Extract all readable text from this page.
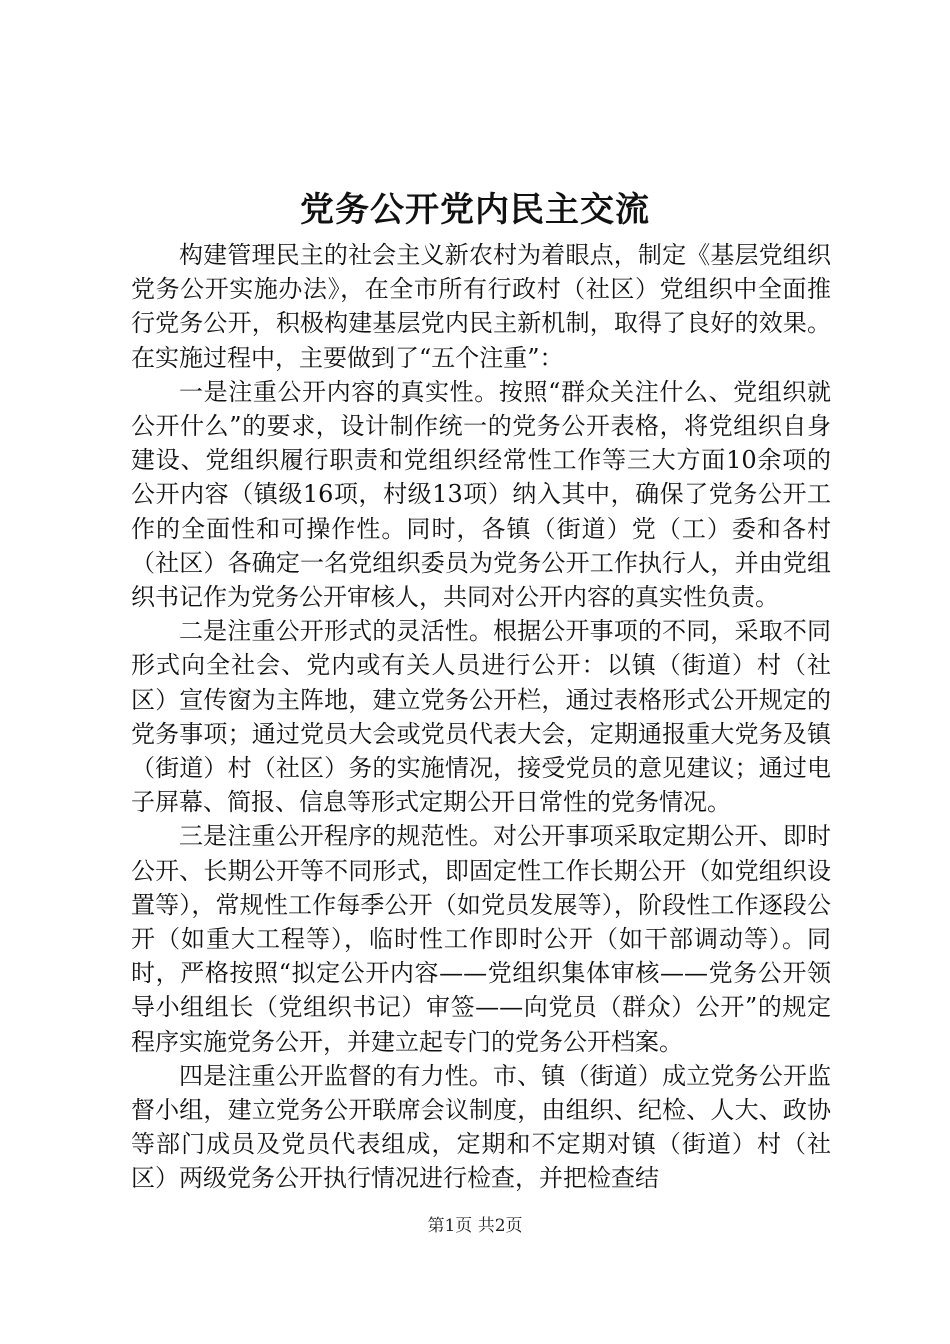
党务公开党内民主交流

构建管理民主的社会主义新农村为着眼点，制定《基层党组织党务公开实施办法》，在全市所有行政村（社区）党组织中全面推行党务公开，积极构建基层党内民主新机制，取得了良好的效果。在实施过程中，主要做到了“五个注重”：

一是注重公开内容的真实性。按照“群众关注什么、党组织就公开什么”的要求，设计制作统一的党务公开表格，将党组织自身建设、党组织履行职责和党组织经常性工作等三大方面10余项的公开内容（镇级16项，村级13项）纳入其中，确保了党务公开工作的全面性和可操作性。同时，各镇（街道）党（工）委和各村（社区）各确定一名党组织委员为党务公开工作执行人，并由党组织书记作为党务公开审核人，共同对公开内容的真实性负责。

二是注重公开形式的灵活性。根据公开事项的不同，采取不同形式向全社会、党内或有关人员进行公开：以镇（街道）村（社区）宣传窗为主阵地，建立党务公开栏，通过表格形式公开规定的党务事项；通过党员大会或党员代表大会，定期通报重大党务及镇（街道）村（社区）务的实施情况，接受党员的意见建议；通过电子屏幕、简报、信息等形式定期公开日常性的党务情况。

三是注重公开程序的规范性。对公开事项采取定期公开、即时公开、长期公开等不同形式，即固定性工作长期公开（如党组织设置等），常规性工作每季公开（如党员发展等），阶段性工作逐段公开（如重大工程等），临时性工作即时公开（如干部调动等）。同时，严格按照“拟定公开内容——党组织集体审核——党务公开领导小组组长（党组织书记）审签——向党员（群众）公开”的规定程序实施党务公开，并建立起专门的党务公开档案。

四是注重公开监督的有力性。市、镇（街道）成立党务公开监督小组，建立党务公开联席会议制度，由组织、纪检、人大、政协等部门成员及党员代表组成，定期和不定期对镇（街道）村（社区）两级党务公开执行情况进行检查，并把检查结

第1页 共2页
